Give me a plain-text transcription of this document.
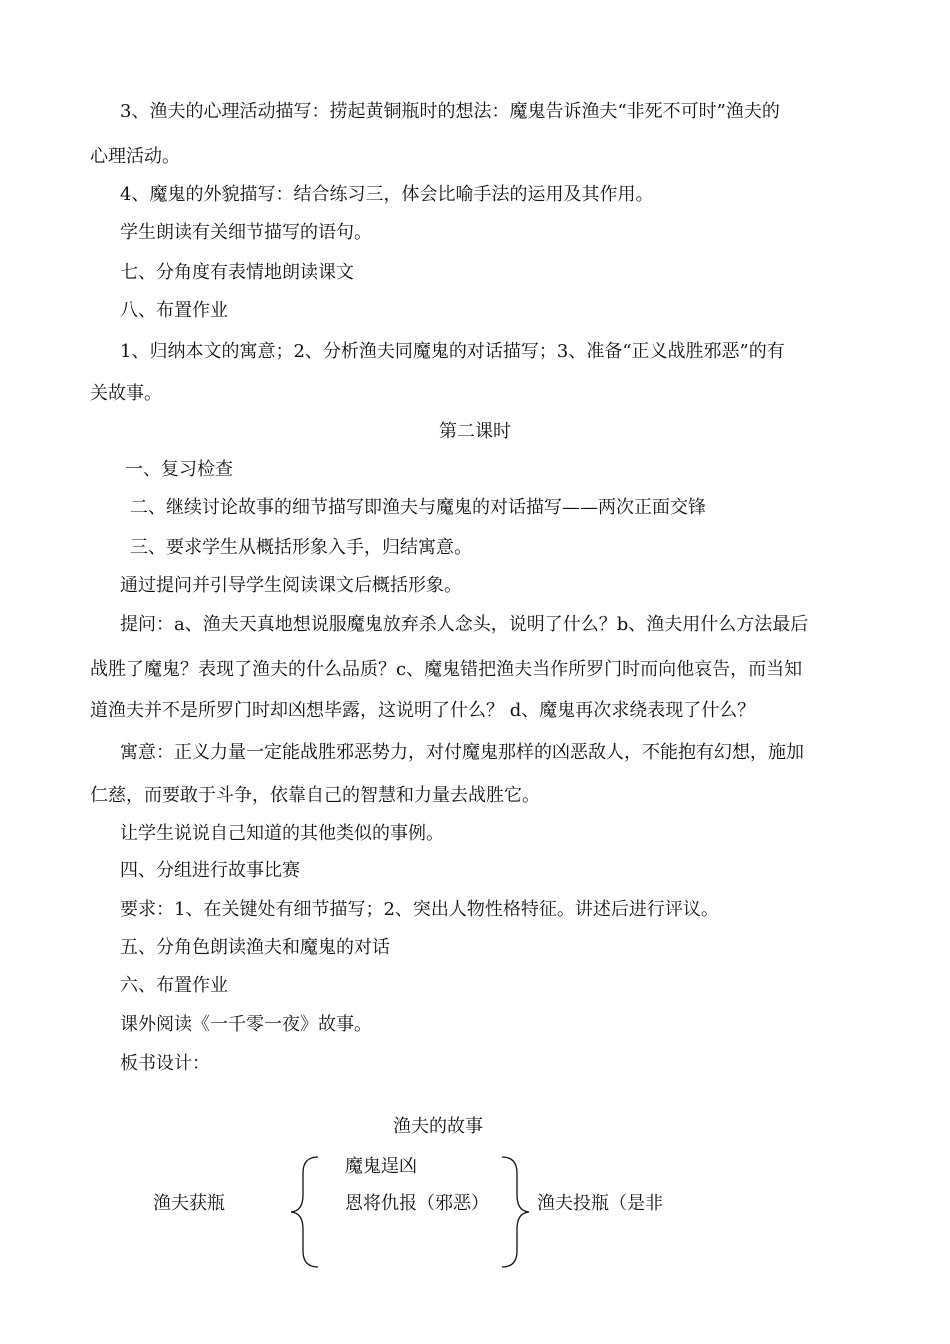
3、渔夫的心理活动描写：捞起黄铜瓶时的想法：魔鬼告诉渔夫“非死不可时”渔夫的
心理活动。
4、魔鬼的外貌描写：结合练习三，体会比喻手法的运用及其作用。
学生朗读有关细节描写的语句。
七、分角度有表情地朗读课文
八、布置作业
1、归纳本文的寓意；2、分析渔夫同魔鬼的对话描写；3、准备“正义战胜邪恶”的有
关故事。
第二课时
一、复习检查
二、继续讨论故事的细节描写即渔夫与魔鬼的对话描写——两次正面交锋
三、要求学生从概括形象入手，归结寓意。
通过提问并引导学生阅读课文后概括形象。
提问：a、渔夫天真地想说服魔鬼放弃杀人念头，说明了什么？b、渔夫用什么方法最后
战胜了魔鬼？表现了渔夫的什么品质？c、魔鬼错把渔夫当作所罗门时而向他哀告，而当知
道渔夫并不是所罗门时却凶想毕露，这说明了什么？ d、魔鬼再次求绕表现了什么？
寓意：正义力量一定能战胜邪恶势力，对付魔鬼那样的凶恶敌人，不能抱有幻想，施加
仁慈，而要敢于斗争，依靠自己的智慧和力量去战胜它。
让学生说说自己知道的其他类似的事例。
四、分组进行故事比赛
要求：1、在关键处有细节描写；2、突出人物性格特征。讲述后进行评议。
五、分角色朗读渔夫和魔鬼的对话
六、布置作业
课外阅读《一千零一夜》故事。
板书设计：
渔夫的故事
渔夫获瓶
魔鬼逞凶
恩将仇报（邪恶）	渔夫投瓶（是非
